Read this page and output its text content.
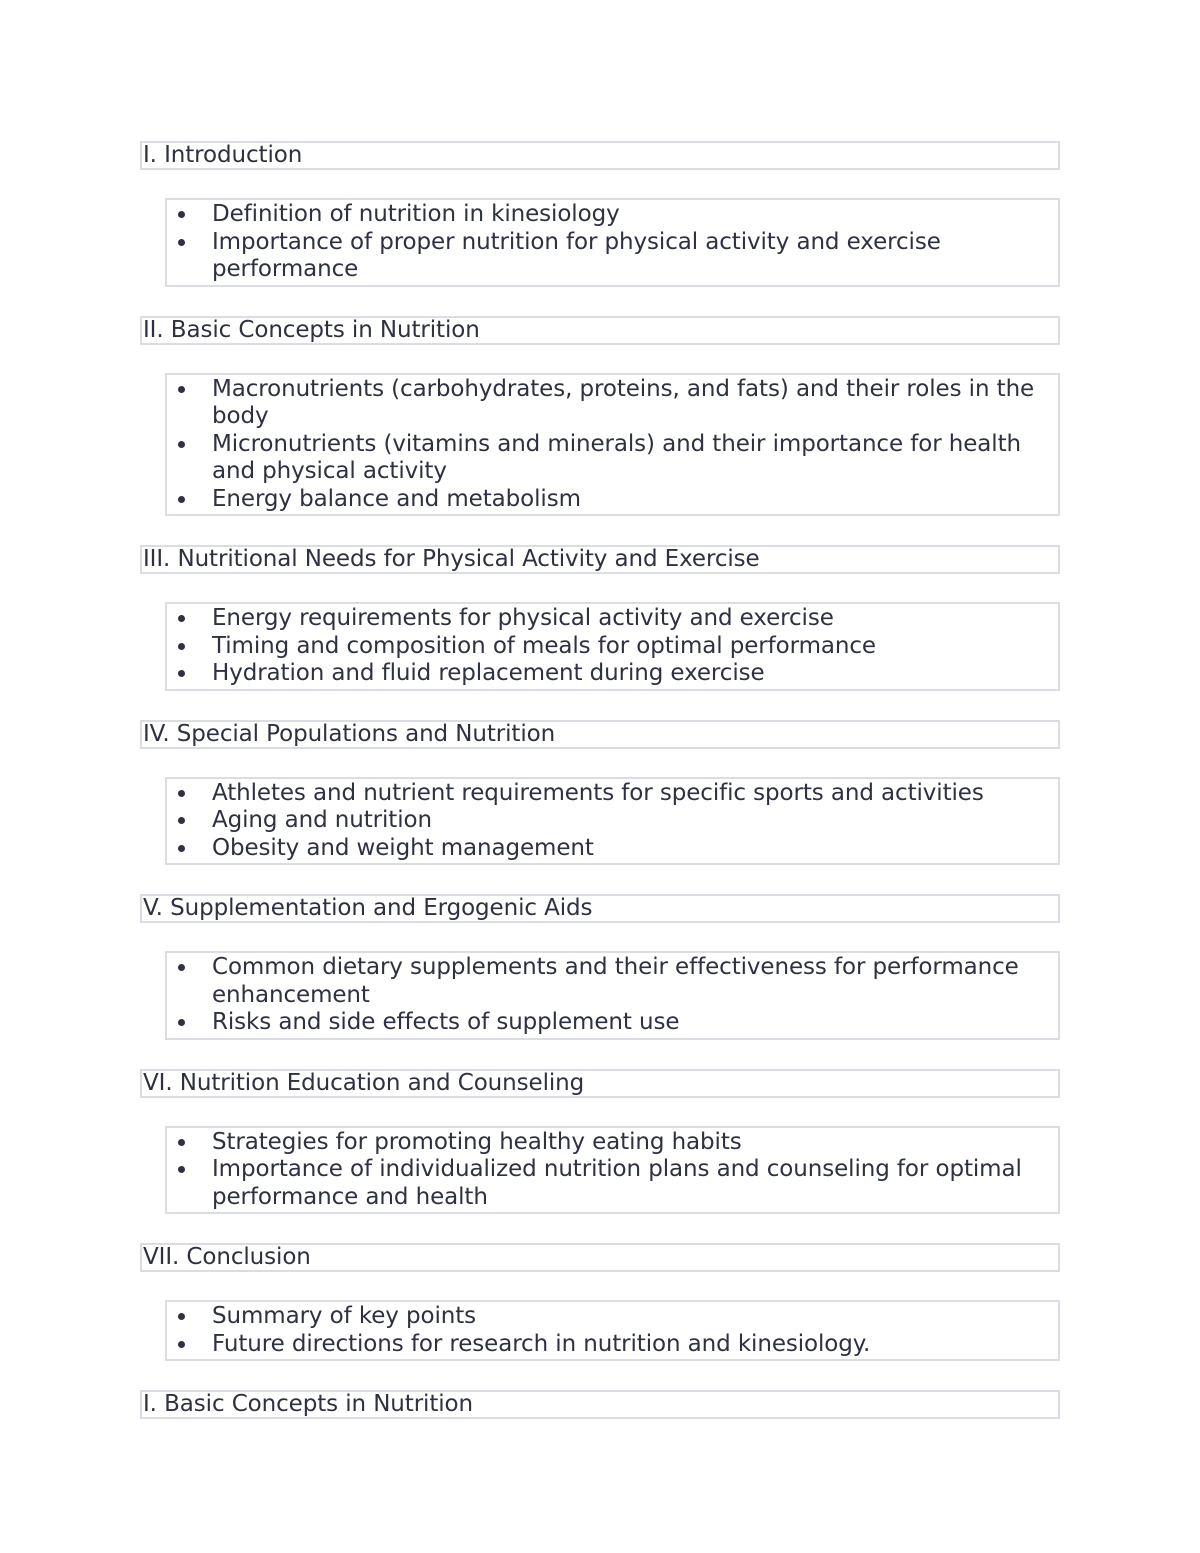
I. Introduction
Definition of nutrition in kinesiology
Importance of proper nutrition for physical activity and exercise performance
II. Basic Concepts in Nutrition
Macronutrients (carbohydrates, proteins, and fats) and their roles in the body
Micronutrients (vitamins and minerals) and their importance for health and physical activity
Energy balance and metabolism
III. Nutritional Needs for Physical Activity and Exercise
Energy requirements for physical activity and exercise
Timing and composition of meals for optimal performance
Hydration and fluid replacement during exercise
IV. Special Populations and Nutrition
Athletes and nutrient requirements for specific sports and activities
Aging and nutrition
Obesity and weight management
V. Supplementation and Ergogenic Aids
Common dietary supplements and their effectiveness for performance enhancement
Risks and side effects of supplement use
VI. Nutrition Education and Counseling
Strategies for promoting healthy eating habits
Importance of individualized nutrition plans and counseling for optimal performance and health
VII. Conclusion
Summary of key points
Future directions for research in nutrition and kinesiology.
I. Basic Concepts in Nutrition
